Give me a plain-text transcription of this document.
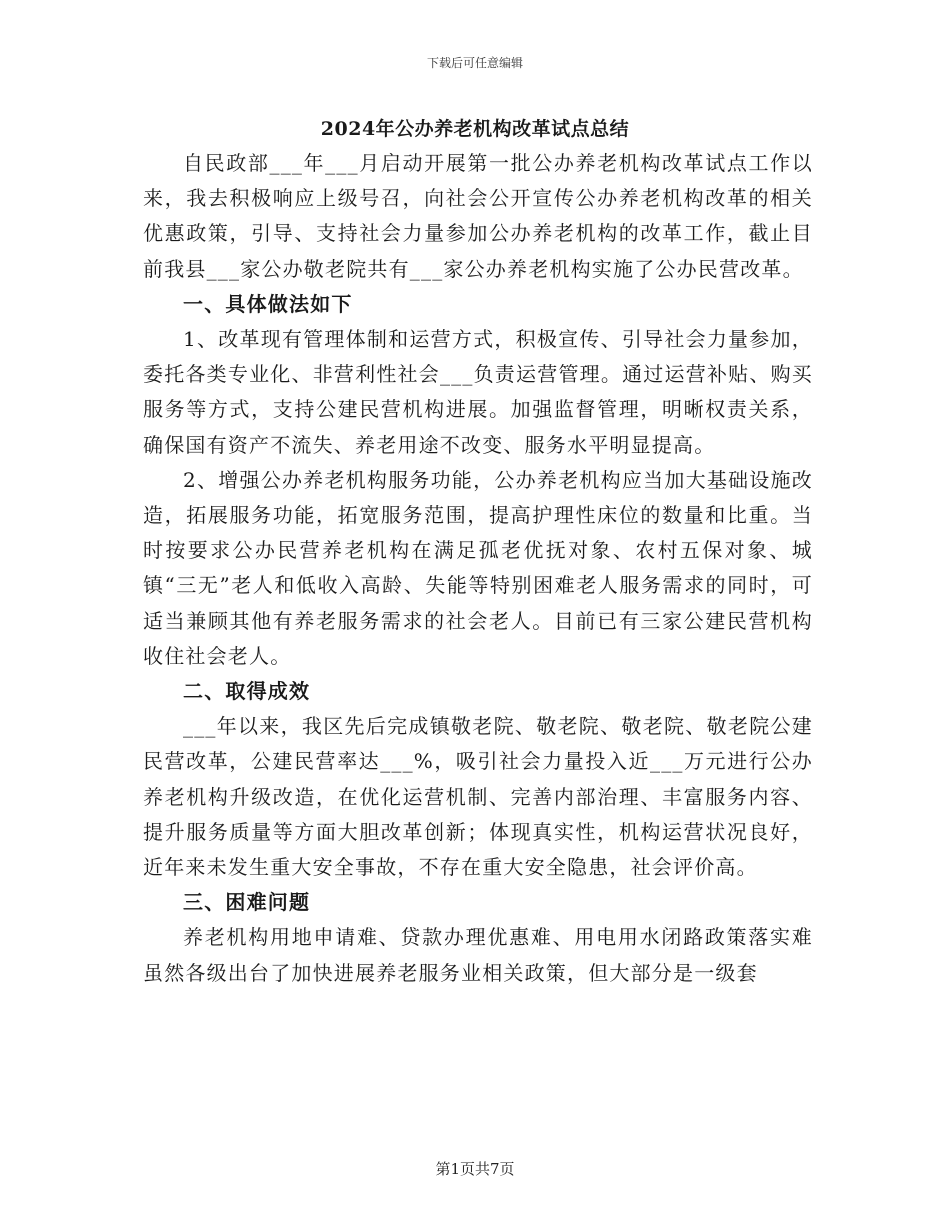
下载后可任意编辑
2024年公办养老机构改革试点总结

自民政部___年___月启动开展第一批公办养老机构改革试点工作以来，我去积极响应上级号召，向社会公开宣传公办养老机构改革的相关优惠政策，引导、支持社会力量参加公办养老机构的改革工作，截止目前我县___家公办敬老院共有___家公办养老机构实施了公办民营改革。

一、具体做法如下

1、改革现有管理体制和运营方式，积极宣传、引导社会力量参加，委托各类专业化、非营利性社会___负责运营管理。通过运营补贴、购买服务等方式，支持公建民营机构进展。加强监督管理，明晰权责关系，确保国有资产不流失、养老用途不改变、服务水平明显提高。

2、增强公办养老机构服务功能，公办养老机构应当加大基础设施改造，拓展服务功能，拓宽服务范围，提高护理性床位的数量和比重。当时按要求公办民营养老机构在满足孤老优抚对象、农村五保对象、城镇“三无”老人和低收入高龄、失能等特别困难老人服务需求的同时，可适当兼顾其他有养老服务需求的社会老人。目前已有三家公建民营机构收住社会老人。

二、取得成效

___年以来，我区先后完成镇敬老院、敬老院、敬老院、敬老院公建民营改革，公建民营率达___%，吸引社会力量投入近___万元进行公办养老机构升级改造，在优化运营机制、完善内部治理、丰富服务内容、提升服务质量等方面大胆改革创新；体现真实性，机构运营状况良好，近年来未发生重大安全事故，不存在重大安全隐患，社会评价高。

三、困难问题

养老机构用地申请难、贷款办理优惠难、用电用水闭路政策落实难虽然各级出台了加快进展养老服务业相关政策，但大部分是一级套

第1页共7页
